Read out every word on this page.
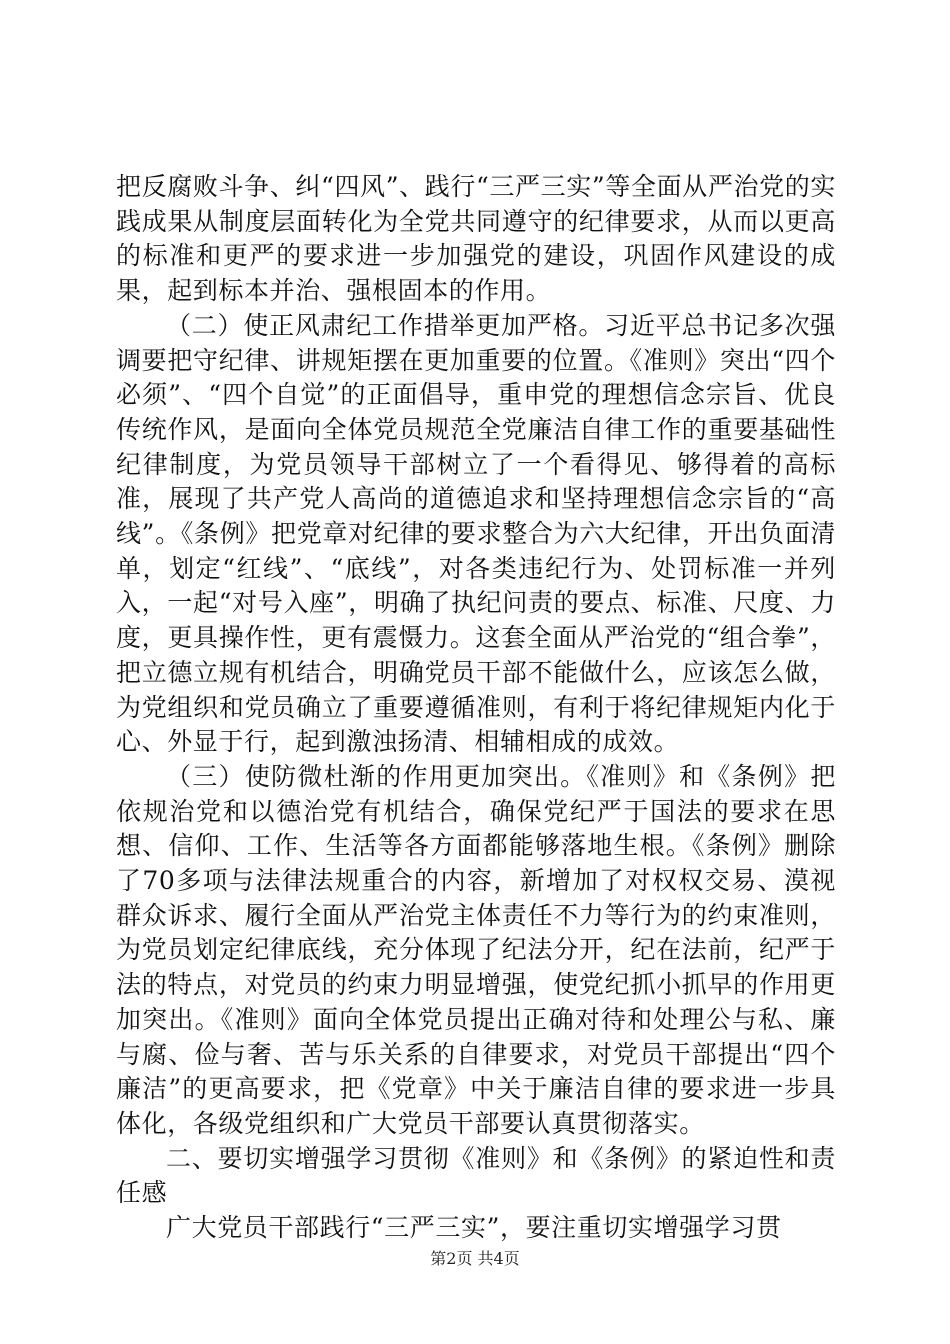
把反腐败斗争、纠“四风”、践行“三严三实”等全面从严治党的实践成果从制度层面转化为全党共同遵守的纪律要求，从而以更高的标准和更严的要求进一步加强党的建设，巩固作风建设的成果，起到标本并治、强根固本的作用。

（二）使正风肃纪工作措举更加严格。习近平总书记多次强调要把守纪律、讲规矩摆在更加重要的位置。《准则》突出“四个必须”、“四个自觉”的正面倡导，重申党的理想信念宗旨、优良传统作风，是面向全体党员规范全党廉洁自律工作的重要基础性纪律制度，为党员领导干部树立了一个看得见、够得着的高标准，展现了共产党人高尚的道德追求和坚持理想信念宗旨的“高线”。《条例》把党章对纪律的要求整合为六大纪律，开出负面清单，划定“红线”、“底线”，对各类违纪行为、处罚标准一并列入，一起“对号入座”，明确了执纪问责的要点、标准、尺度、力度，更具操作性，更有震慑力。这套全面从严治党的“组合拳”，把立德立规有机结合，明确党员干部不能做什么，应该怎么做，为党组织和党员确立了重要遵循准则，有利于将纪律规矩内化于心、外显于行，起到激浊扬清、相辅相成的成效。

（三）使防微杜渐的作用更加突出。《准则》和《条例》把依规治党和以德治党有机结合，确保党纪严于国法的要求在思想、信仰、工作、生活等各方面都能够落地生根。《条例》删除了70多项与法律法规重合的内容，新增加了对权权交易、漠视群众诉求、履行全面从严治党主体责任不力等行为的约束准则，为党员划定纪律底线，充分体现了纪法分开，纪在法前，纪严于法的特点，对党员的约束力明显增强，使党纪抓小抓早的作用更加突出。《准则》面向全体党员提出正确对待和处理公与私、廉与腐、俭与奢、苦与乐关系的自律要求，对党员干部提出“四个廉洁”的更高要求，把《党章》中关于廉洁自律的要求进一步具体化，各级党组织和广大党员干部要认真贯彻落实。

二、要切实增强学习贯彻《准则》和《条例》的紧迫性和责任感

广大党员干部践行“三严三实”，要注重切实增强学习贯

第2页 共4页
